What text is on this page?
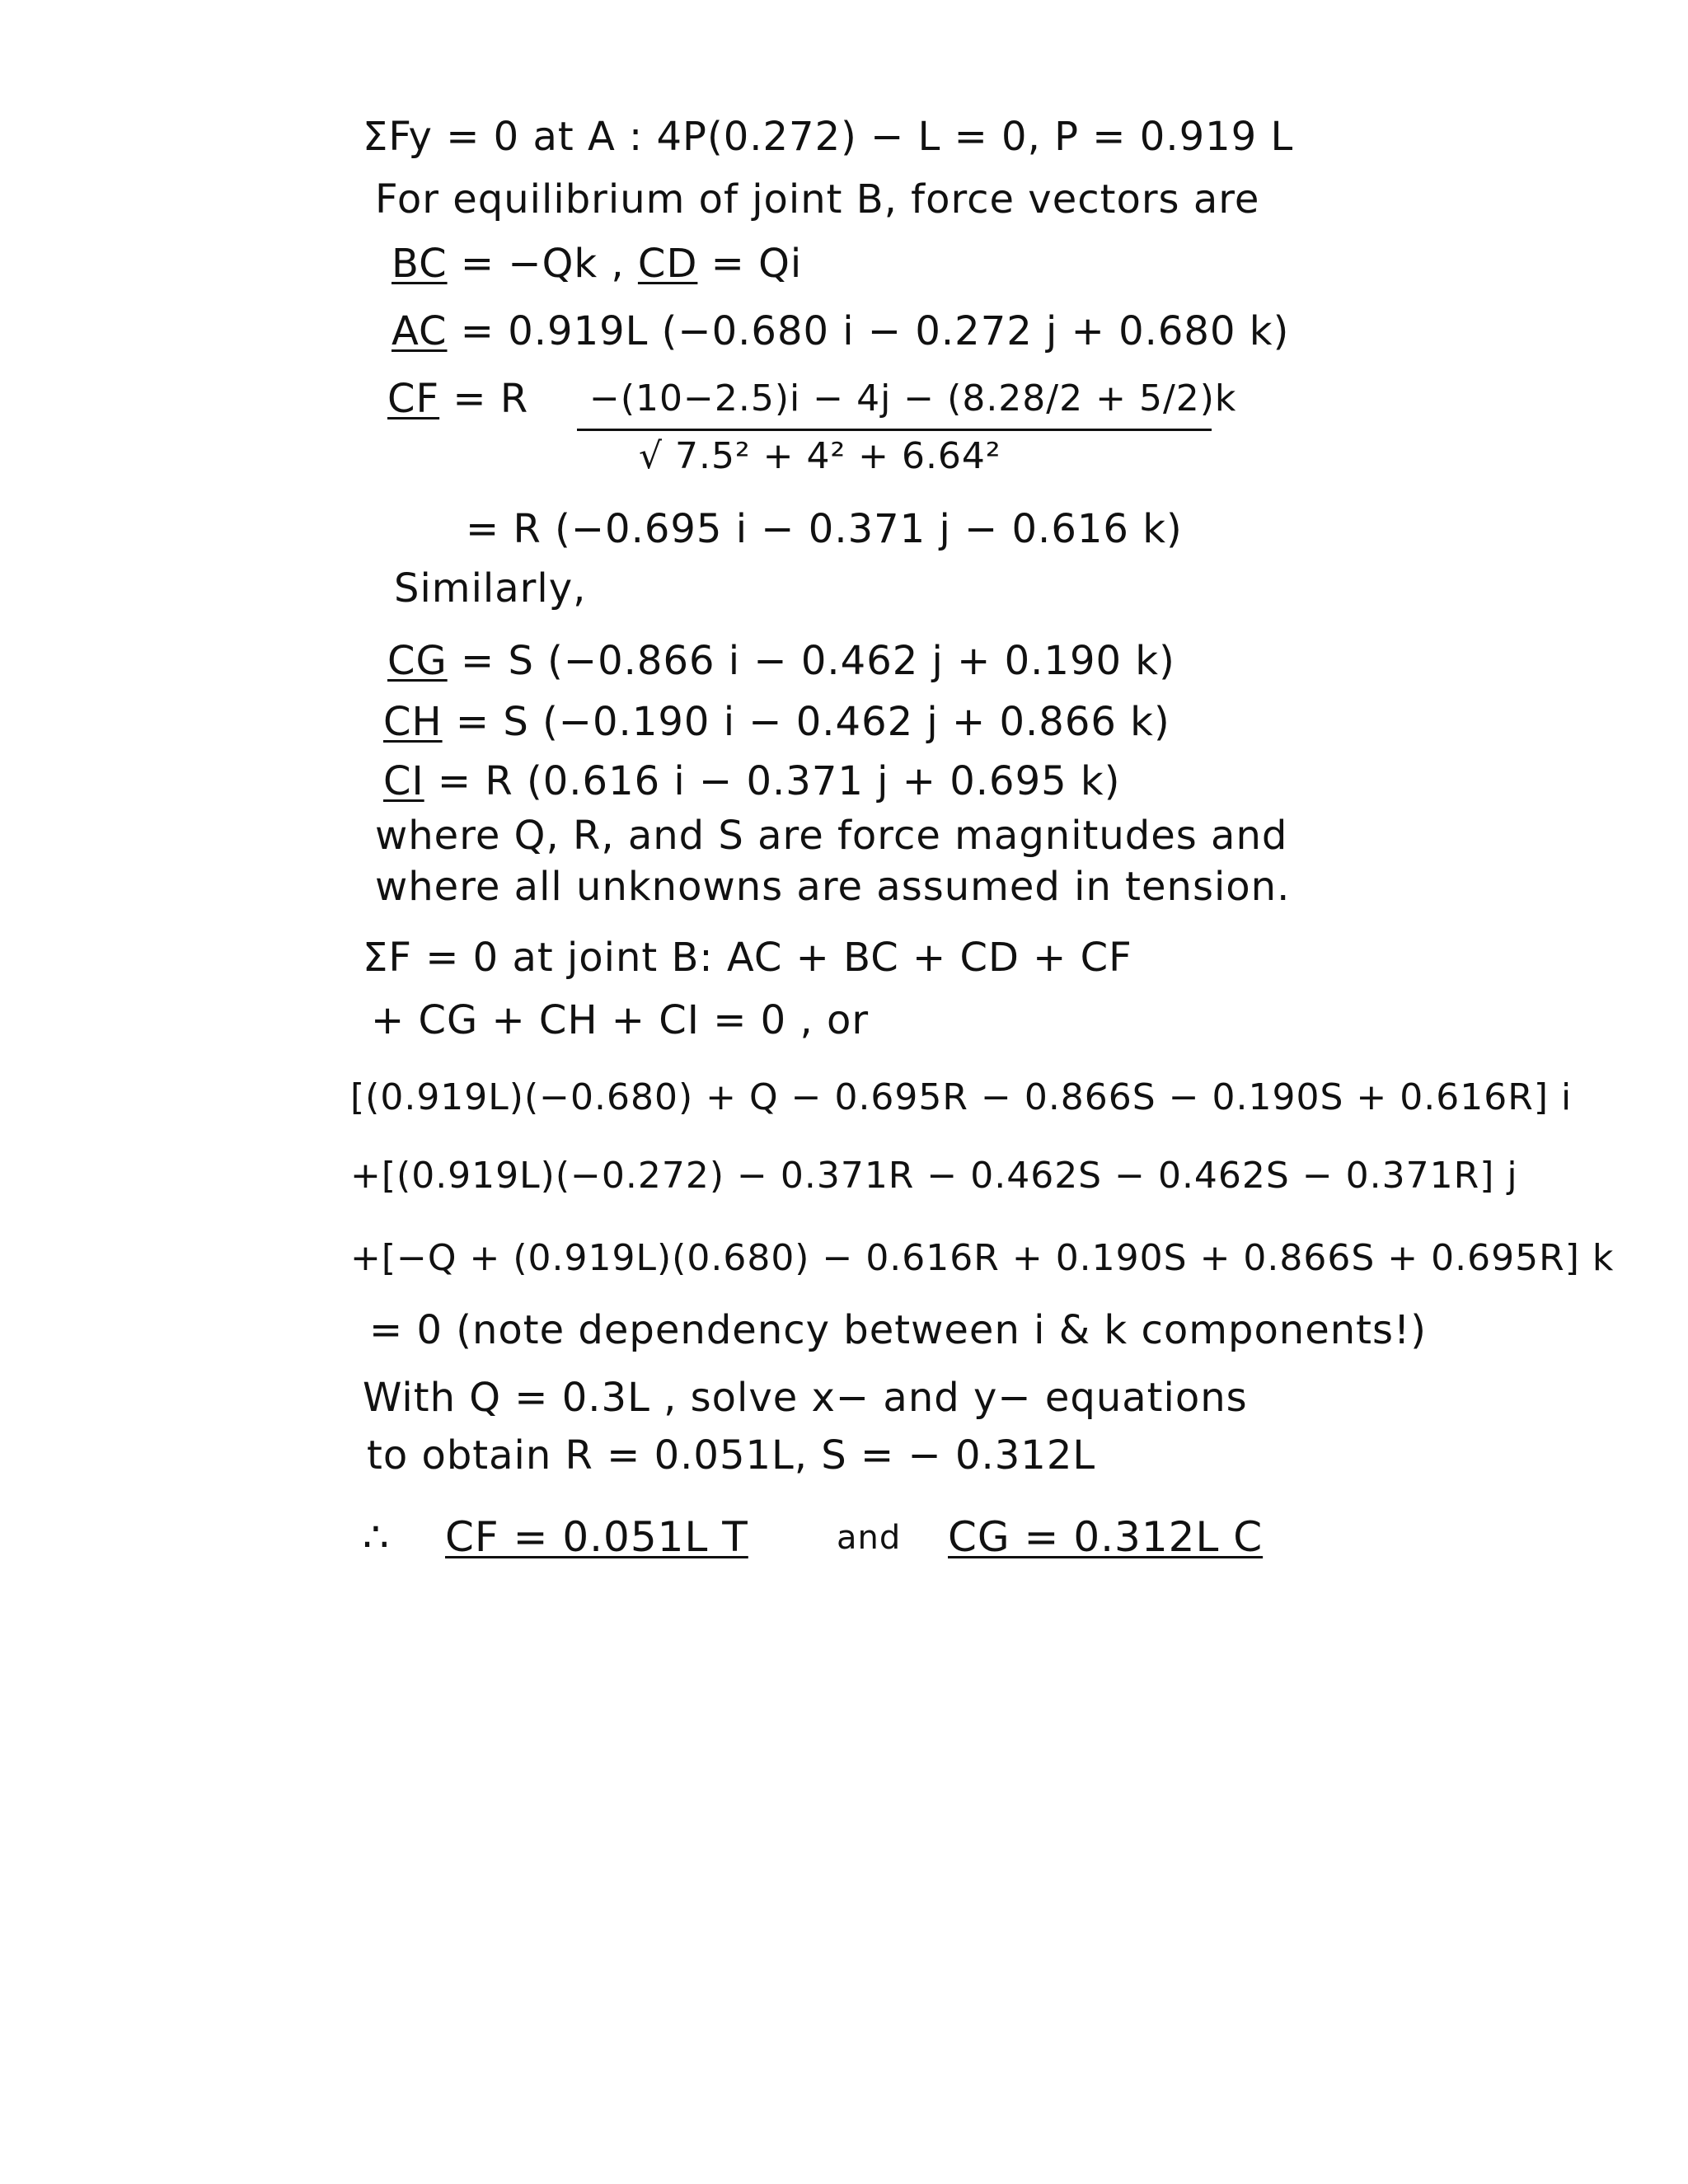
ΣFy = 0 at A : 4P(0.272) − L = 0, P = 0.919 L
For equilibrium of joint B, force vectors are
BC = −Qk , CD = Qi
AC = 0.919L (−0.680 i − 0.272 j + 0.680 k)
CF = R −(10−2.5)i − 4j − (8.28/2 + 5/2)k
√ 7.5² + 4² + 6.64²
= R (−0.695 i − 0.371 j − 0.616 k)
Similarly,
CG = S (−0.866 i − 0.462 j + 0.190 k)
CH = S (−0.190 i − 0.462 j + 0.866 k)
CI = R (0.616 i − 0.371 j + 0.695 k)
where Q, R, and S are force magnitudes and
where all unknowns are assumed in tension.
ΣF = 0 at joint B: AC + BC + CD + CF
+ CG + CH + CI = 0 , or
[(0.919L)(−0.680) + Q − 0.695R − 0.866S − 0.190S + 0.616R] i
+[(0.919L)(−0.272) − 0.371R − 0.462S − 0.462S − 0.371R] j
+[−Q + (0.919L)(0.680) − 0.616R + 0.190S + 0.866S + 0.695R] k
= 0 (note dependency between i & k components!)
With Q = 0.3L , solve x− and y− equations
to obtain R = 0.051L, S = − 0.312L
∴ CF = 0.051L T	and CG = 0.312L C
